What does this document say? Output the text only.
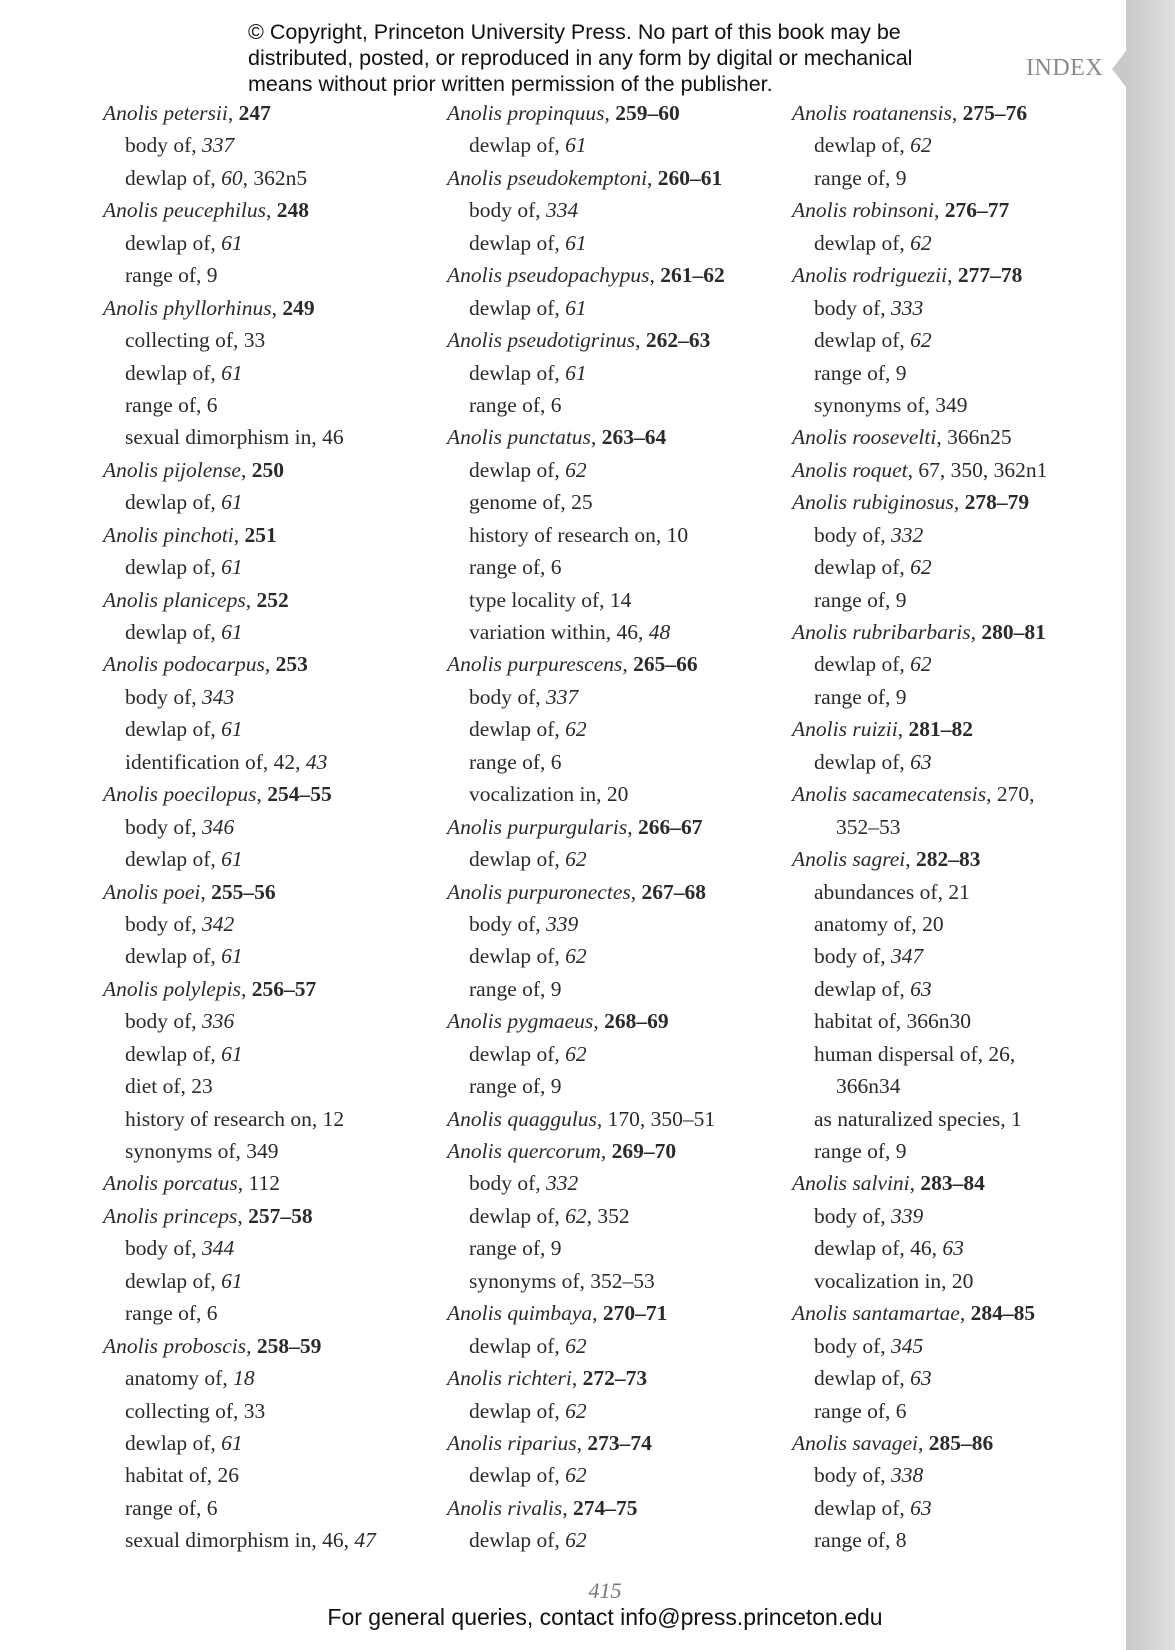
INDEX
© Copyright, Princeton University Press. No part of this book may be distributed, posted, or reproduced in any form by digital or mechanical means without prior written permission of the publisher.
Anolis petersii, 247
body of, 337
dewlap of, 60, 362n5
Anolis peucephilus, 248
dewlap of, 61
range of, 9
Anolis phyllorhinus, 249
collecting of, 33
dewlap of, 61
range of, 6
sexual dimorphism in, 46
Anolis pijolense, 250
dewlap of, 61
Anolis pinchoti, 251
dewlap of, 61
Anolis planiceps, 252
dewlap of, 61
Anolis podocarpus, 253
body of, 343
dewlap of, 61
identification of, 42, 43
Anolis poecilopus, 254–55
body of, 346
dewlap of, 61
Anolis poei, 255–56
body of, 342
dewlap of, 61
Anolis polylepis, 256–57
body of, 336
dewlap of, 61
diet of, 23
history of research on, 12
synonyms of, 349
Anolis porcatus, 112
Anolis princeps, 257–58
body of, 344
dewlap of, 61
range of, 6
Anolis proboscis, 258–59
anatomy of, 18
collecting of, 33
dewlap of, 61
habitat of, 26
range of, 6
sexual dimorphism in, 46, 47
Anolis propinquus, 259–60
dewlap of, 61
Anolis pseudokemptoni, 260–61
body of, 334
dewlap of, 61
Anolis pseudopachypus, 261–62
dewlap of, 61
Anolis pseudotigrinus, 262–63
dewlap of, 61
range of, 6
Anolis punctatus, 263–64
dewlap of, 62
genome of, 25
history of research on, 10
range of, 6
type locality of, 14
variation within, 46, 48
Anolis purpurescens, 265–66
body of, 337
dewlap of, 62
range of, 6
vocalization in, 20
Anolis purpurgularis, 266–67
dewlap of, 62
Anolis purpuronectes, 267–68
body of, 339
dewlap of, 62
range of, 9
Anolis pygmaeus, 268–69
dewlap of, 62
range of, 9
Anolis quaggulus, 170, 350–51
Anolis quercorum, 269–70
body of, 332
dewlap of, 62, 352
range of, 9
synonyms of, 352–53
Anolis quimbaya, 270–71
dewlap of, 62
Anolis richteri, 272–73
dewlap of, 62
Anolis riparius, 273–74
dewlap of, 62
Anolis rivalis, 274–75
dewlap of, 62
Anolis roatanensis, 275–76
dewlap of, 62
range of, 9
Anolis robinsoni, 276–77
dewlap of, 62
Anolis rodriguezii, 277–78
body of, 333
dewlap of, 62
range of, 9
synonyms of, 349
Anolis roosevelti, 366n25
Anolis roquet, 67, 350, 362n1
Anolis rubiginosus, 278–79
body of, 332
dewlap of, 62
range of, 9
Anolis rubribarbaris, 280–81
dewlap of, 62
range of, 9
Anolis ruizii, 281–82
dewlap of, 63
Anolis sacamecatensis, 270,
352–53
Anolis sagrei, 282–83
abundances of, 21
anatomy of, 20
body of, 347
dewlap of, 63
habitat of, 366n30
human dispersal of, 26,
366n34
as naturalized species, 1
range of, 9
Anolis salvini, 283–84
body of, 339
dewlap of, 46, 63
vocalization in, 20
Anolis santamartae, 284–85
body of, 345
dewlap of, 63
range of, 6
Anolis savagei, 285–86
body of, 338
dewlap of, 63
range of, 8
415
For general queries, contact info@press.princeton.edu
